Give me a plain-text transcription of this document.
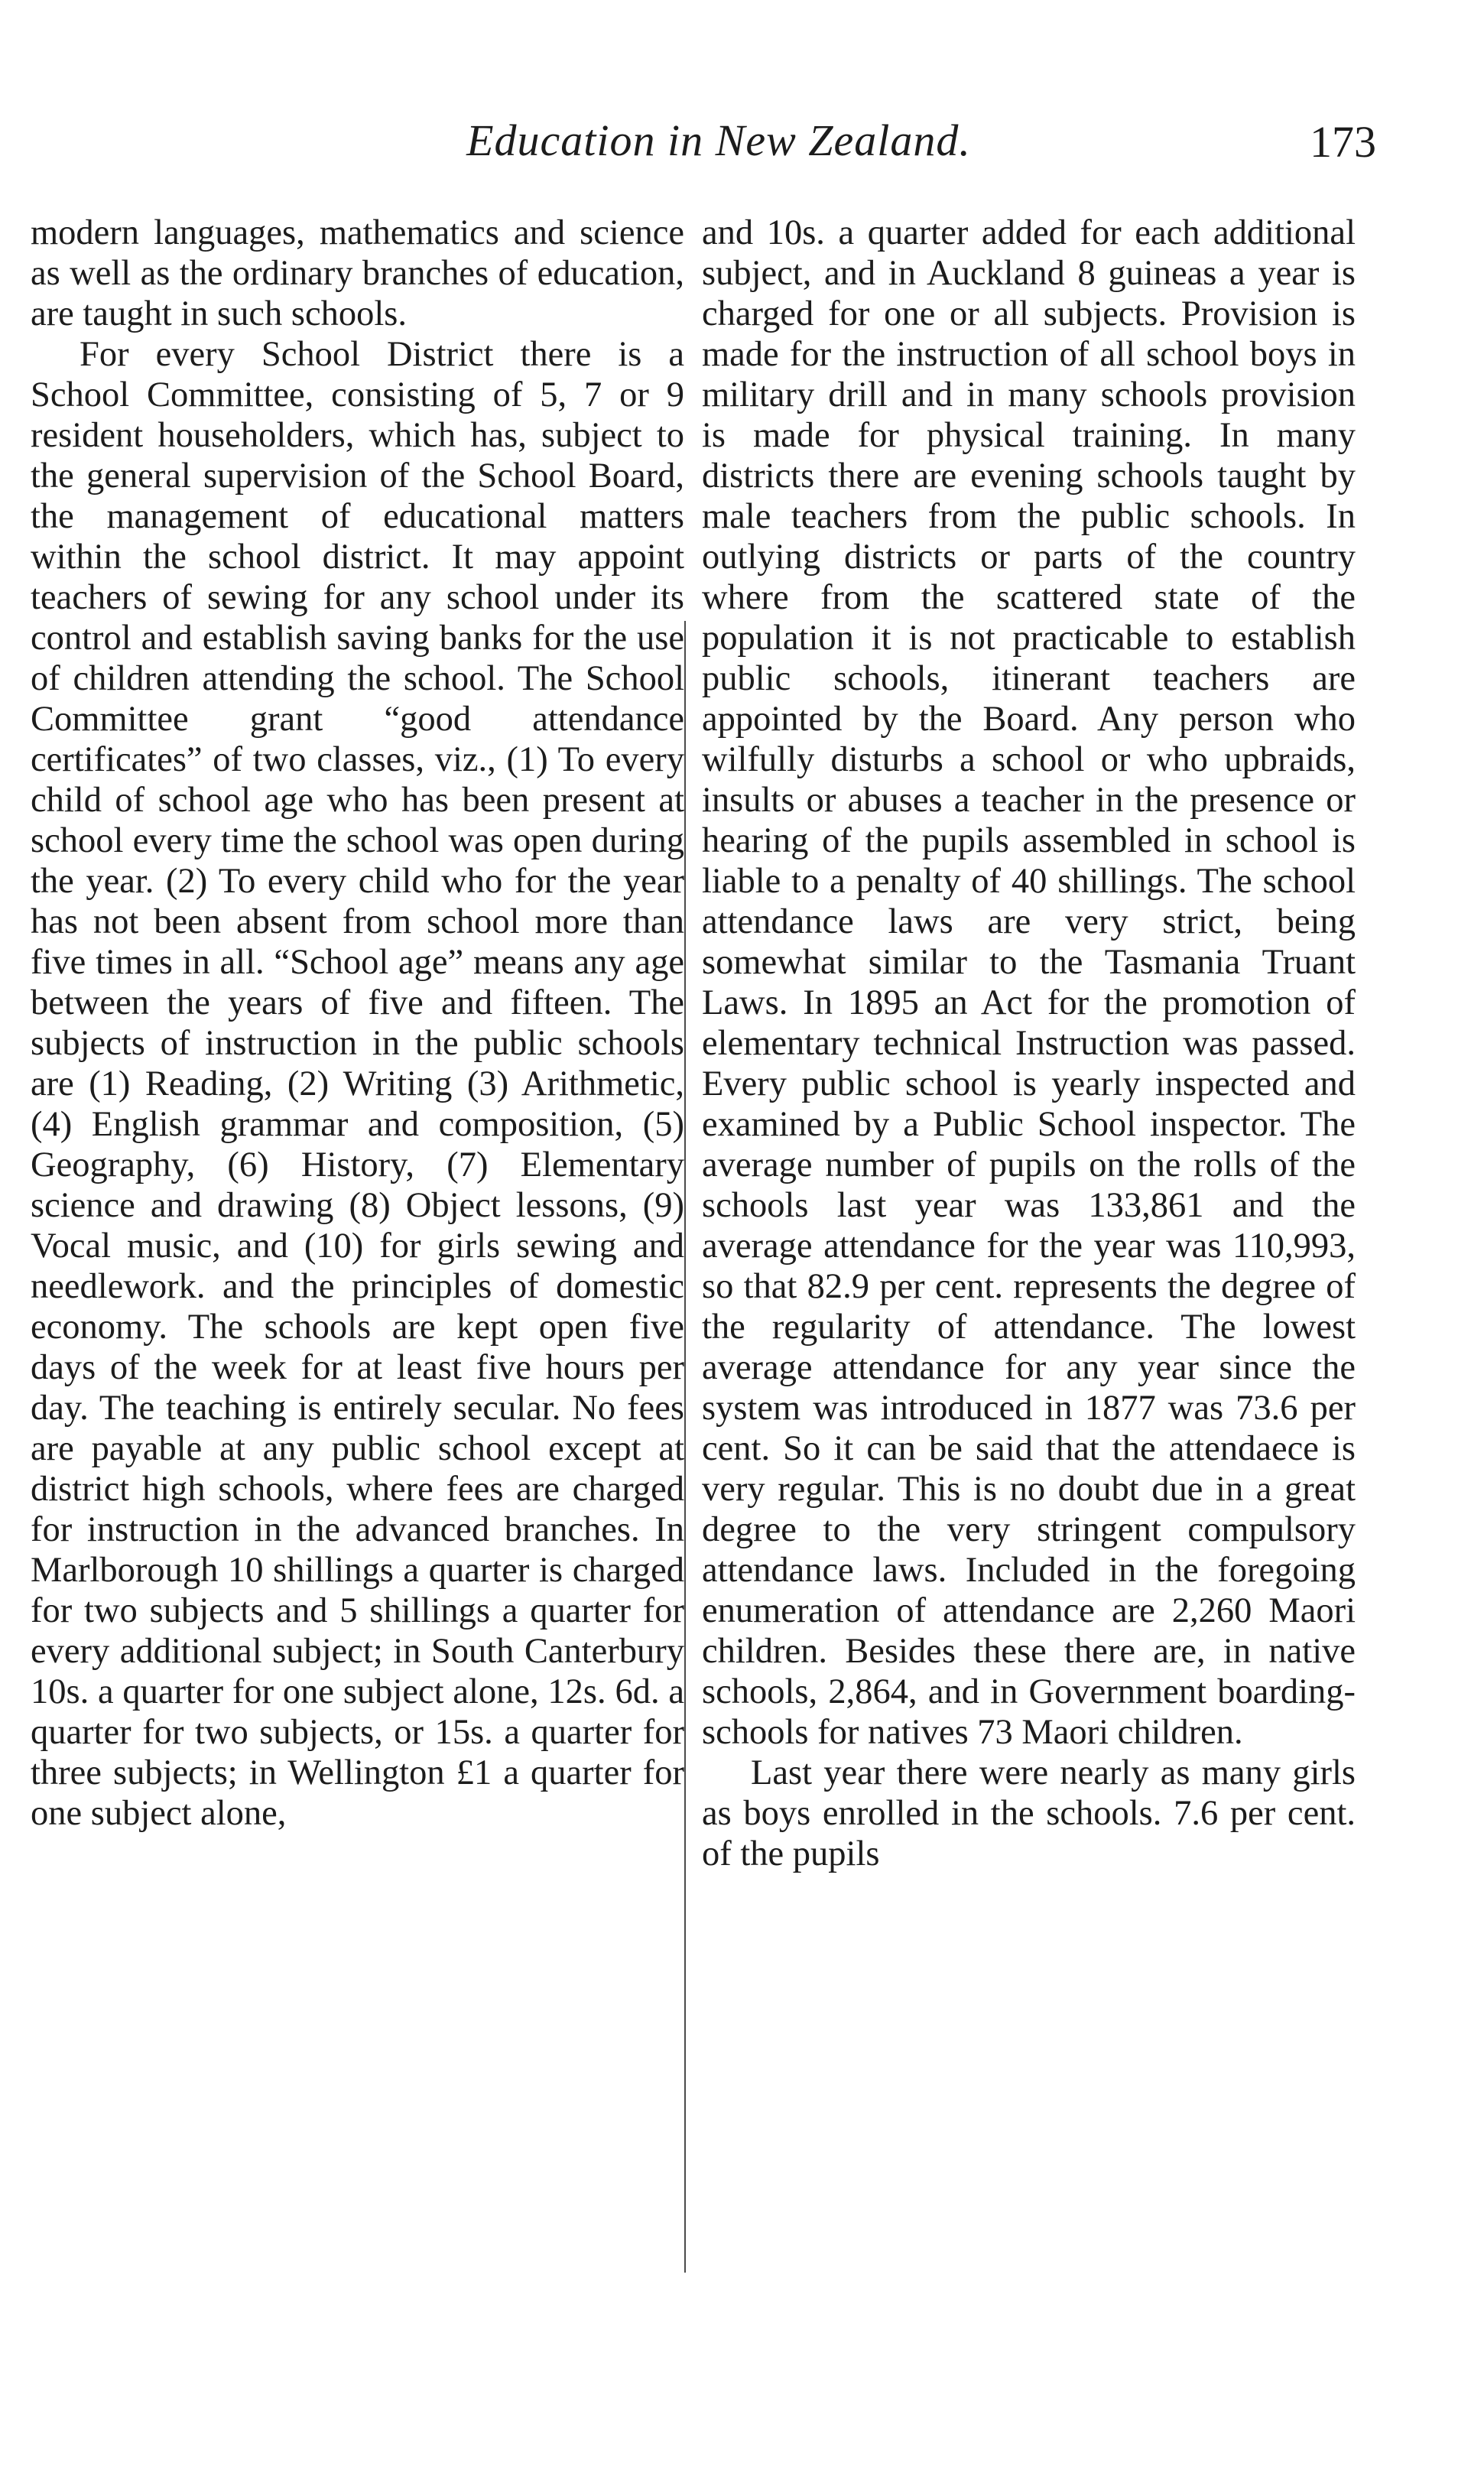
Education in New Zealand.	173

modern languages, mathematics and science as well as the ordinary branches of education, are taught in such schools.

For every School District there is a School Committee, consisting of 5, 7 or 9 resident householders, which has, subject to the general supervision of the School Board, the management of educational matters within the school district. It may appoint teachers of sewing for any school under its control and establish saving banks for the use of children attending the school. The School Committee grant “good attendance certificates” of two classes, viz., (1) To every child of school age who has been present at school every time the school was open during the year. (2) To every child who for the year has not been absent from school more than five times in all. “School age” means any age between the years of five and fifteen. The subjects of instruction in the public schools are (1) Reading, (2) Writing (3) Arithmetic, (4) English grammar and composition, (5) Geography, (6) History, (7) Elementary science and drawing (8) Object lessons, (9) Vocal music, and (10) for girls sewing and needlework. and the principles of domestic economy. The schools are kept open five days of the week for at least five hours per day. The teaching is entirely secular. No fees are payable at any public school except at district high schools, where fees are charged for instruction in the advanced branches. In Marlborough 10 shillings a quarter is charged for two subjects and 5 shillings a quarter for every additional subject; in South Canterbury 10s. a quarter for one subject alone, 12s. 6d. a quarter for two subjects, or 15s. a quarter for three subjects; in Wellington £1 a quarter for one subject alone,

and 10s. a quarter added for each additional subject, and in Auckland 8 guineas a year is charged for one or all subjects. Provision is made for the instruction of all school boys in military drill and in many schools provision is made for physical training. In many districts there are evening schools taught by male teachers from the public schools. In outlying districts or parts of the country where from the scattered state of the population it is not practicable to establish public schools, itinerant teachers are appointed by the Board. Any person who wilfully disturbs a school or who upbraids, insults or abuses a teacher in the presence or hearing of the pupils assembled in school is liable to a penalty of 40 shillings. The school attendance laws are very strict, being somewhat similar to the Tasmania Truant Laws. In 1895 an Act for the promotion of elementary technical Instruction was passed. Every public school is yearly inspected and examined by a Public School inspector. The average number of pupils on the rolls of the schools last year was 133,861 and the average attendance for the year was 110,993, so that 82.9 per cent. represents the degree of the regularity of attendance. The lowest average attendance for any year since the system was introduced in 1877 was 73.6 per cent. So it can be said that the attendaece is very regular. This is no doubt due in a great degree to the very stringent compulsory attendance laws. Included in the foregoing enumeration of attendance are 2,260 Maori children. Besides these there are, in native schools, 2,864, and in Government boarding-schools for natives 73 Maori children.

Last year there were nearly as many girls as boys enrolled in the schools. 7.6 per cent. of the pupils
